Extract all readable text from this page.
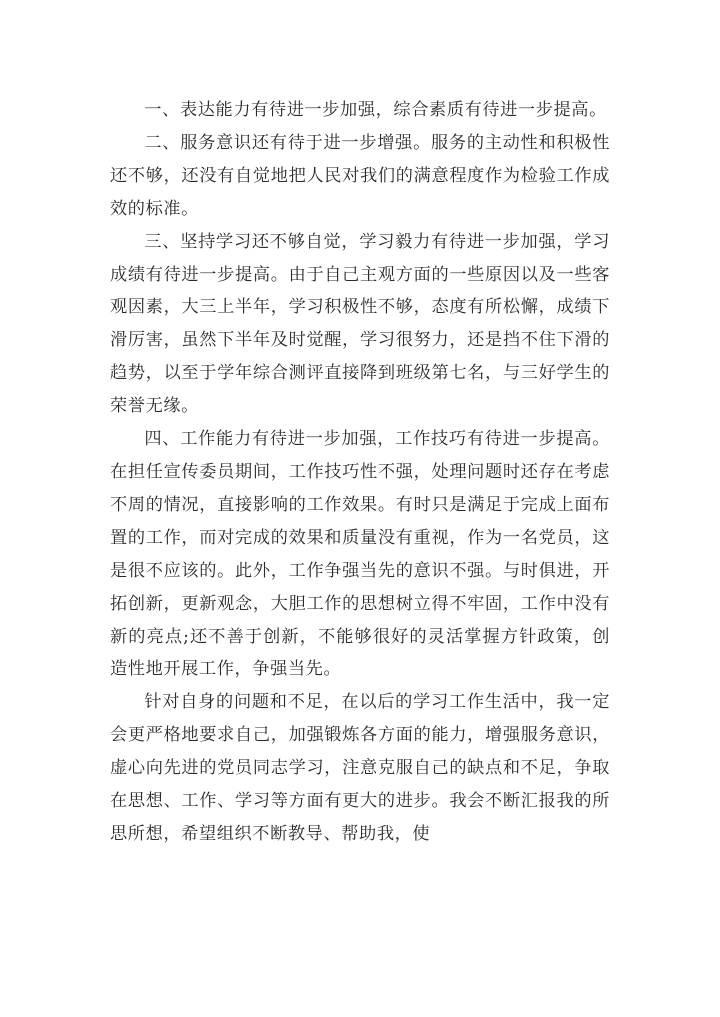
一、表达能力有待进一步加强，综合素质有待进一步提高。

二、服务意识还有待于进一步增强。服务的主动性和积极性还不够，还没有自觉地把人民对我们的满意程度作为检验工作成效的标准。

三、坚持学习还不够自觉，学习毅力有待进一步加强，学习成绩有待进一步提高。由于自己主观方面的一些原因以及一些客观因素，大三上半年，学习积极性不够，态度有所松懈，成绩下滑厉害，虽然下半年及时觉醒，学习很努力，还是挡不住下滑的趋势，以至于学年综合测评直接降到班级第七名，与三好学生的荣誉无缘。

四、工作能力有待进一步加强，工作技巧有待进一步提高。在担任宣传委员期间，工作技巧性不强，处理问题时还存在考虑不周的情况，直接影响的工作效果。有时只是满足于完成上面布置的工作，而对完成的效果和质量没有重视，作为一名党员，这是很不应该的。此外，工作争强当先的意识不强。与时俱进，开拓创新，更新观念，大胆工作的思想树立得不牢固，工作中没有新的亮点;还不善于创新，不能够很好的灵活掌握方针政策，创造性地开展工作，争强当先。

针对自身的问题和不足，在以后的学习工作生活中，我一定会更严格地要求自己，加强锻炼各方面的能力，增强服务意识，虚心向先进的党员同志学习，注意克服自己的缺点和不足，争取在思想、工作、学习等方面有更大的进步。我会不断汇报我的所思所想，希望组织不断教导、帮助我，使
